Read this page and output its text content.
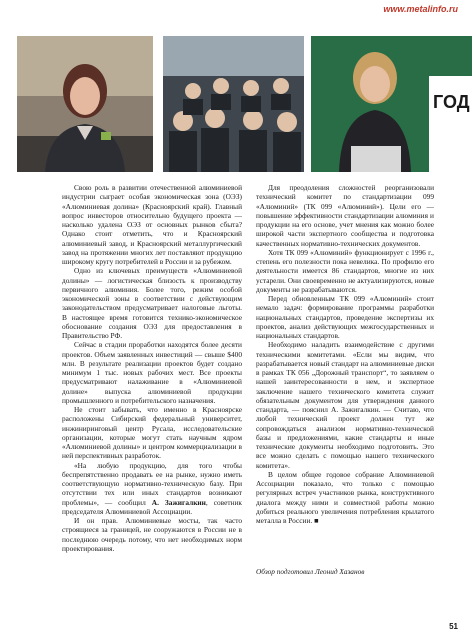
www.metalinfo.ru
ГОД

Свою роль в развитии отечественной алюминиевой индустрии сыграет особая экономическая зона (ОЭЗ) «Алюминиевая долина» (Красноярский край). Главный вопрос инвесторов относительно будущего проекта — насколько удалена ОЭЗ от основных рынков сбыта? Однако стоит отметить, что и Красноярский алюминиевый завод, и Красноярский металлургический завод на протяжении многих лет поставляют продукцию широкому кругу потребителей в России и за рубежом.

Одно из ключевых преимуществ «Алюминиевой долины» — логистическая близость к производству первичного алюминия. Более того, режим особой экономической зоны в соответствии с действующим законодательством предусматривает налоговые льготы. В настоящее время готовится технико-экономическое обоснование создания ОЭЗ для предоставления в Правительство РФ.

Сейчас в стадии проработки находятся более десяти проектов. Объем заявленных инвестиций — свыше $400 млн. В результате реализации проектов будет создано минимум 1 тыс. новых рабочих мест. Все проекты предусматривают налаживание в «Алюминиевой долине» выпуска алюминиевой продукции промышленного и потребительского назначения.

Не стоит забывать, что именно в Красноярске расположены Сибирский федеральный университет, инжиниринговый центр Русала, исследовательские организации, которые могут стать научным ядром «Алюминиевой долины» и центром коммерциализации в ней перспективных разработок.

«На любую продукцию, для того чтобы беспрепятственно продавать ее на рынке, нужно иметь соответствующую нормативно-техническую базу. При отсутствии тех или иных стандартов возникают проблемы», — сообщил А. Зажигалкин, советник председателя Алюминиевой Ассоциации.

И он прав. Алюминиевые мосты, так часто строящиеся за границей, не сооружаются в России не в последнюю очередь потому, что нет необходимых норм проектирования.

Для преодоления сложностей реорганизовали технический комитет по стандартизации 099 «Алюминий» (ТК 099 «Алюминий»). Цели его — повышение эффективности стандартизации алюминия и продукции на его основе, учет мнения как можно более широкой части экспертного сообщества и подготовка качественных нормативно-технических документов.

Хотя ТК 099 «Алюминий» функционирует с 1996 г., степень его полезности пока невелика. По профилю его деятельности имеется 86 стандартов, многие из них устарели. Они своевременно не актуализируются, новые документы не разрабатываются.

Перед обновленным ТК 099 «Алюминий» стоит немало задач: формирование программы разработки национальных стандартов, проведение экспертизы их проектов, анализ действующих межгосударственных и национальных стандартов.

Необходимо наладить взаимодействие с другими техническими комитетами. «Если мы видим, что разрабатывается новый стандарт на алюминиевые диски в рамках ТК 056 „Дорожный транспорт“, то заявляем о нашей заинтересованности в нем, и экспертное заключение нашего технического комитета служит обязательным документом для утверждения данного стандарта, — пояснил А. Зажигалкин. — Считаю, что любой технический проект должен тут же сопровождаться анализом нормативно-технической базы и предложениями, какие стандарты и иные технические документы необходимо подготовить. Это все можно сделать с помощью нашего технического комитета».

В целом общее годовое собрание Алюминиевой Ассоциации показало, что только с помощью регулярных встреч участников рынка, конструктивного диалога между ними и совместной работы можно добиться реального увеличения потребления крылатого металла в России. ■

Обзор подготовил Леонид Хазанов
51
